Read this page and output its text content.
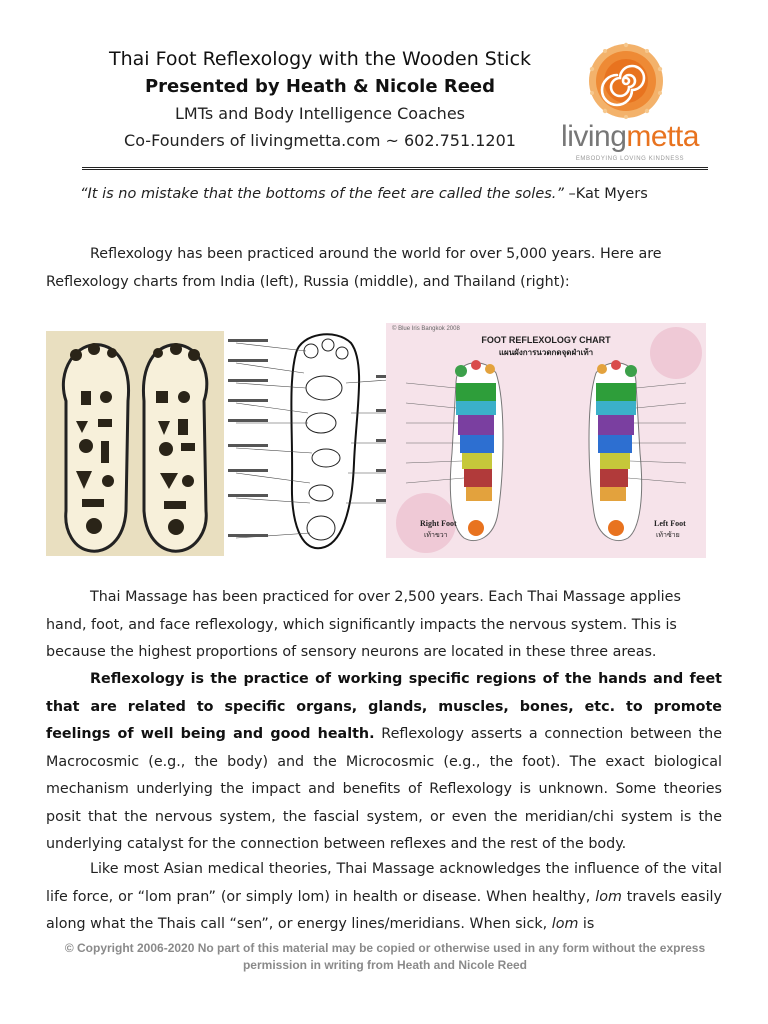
Thai Foot Reflexology with the Wooden Stick
Presented by Heath & Nicole Reed
LMTs and Body Intelligence Coaches
Co-Founders of livingmetta.com ~ 602.751.1201	livingmetta
EMBODYING LOVING KINDNESS
“It is no mistake that the bottoms of the feet are called the soles.” –Kat Myers
Reflexology has been practiced around the world for over 5,000 years. Here are Reflexology charts from India (left), Russia (middle), and Thailand (right):
© Blue Iris Bangkok 2008
FOOT REFLEXOLOGY CHART
แผนผังการนวดกดจุดฝ่าเท้า
Right Foot
เท้าขวา
Left Foot
เท้าซ้าย
Thai Massage has been practiced for over 2,500 years. Each Thai Massage applies hand, foot, and face reflexology, which significantly impacts the nervous system. This is because the highest proportions of sensory neurons are located in these three areas.
Reflexology is the practice of working specific regions of the hands and feet that are related to specific organs, glands, muscles, bones, etc. to promote feelings of well being and good health. Reflexology asserts a connection between the Macrocosmic (e.g., the body) and the Microcosmic (e.g., the foot). The exact biological mechanism underlying the impact and benefits of Reflexology is unknown. Some theories posit that the nervous system, the fascial system, or even the meridian/chi system is the underlying catalyst for the connection between reflexes and the rest of the body.
Like most Asian medical theories, Thai Massage acknowledges the influence of the vital life force, or “lom pran” (or simply lom) in health or disease. When healthy, lom travels easily along what the Thais call “sen”, or energy lines/meridians. When sick, lom is
© Copyright 2006-2020 No part of this material may be copied or otherwise used in any form without the express
permission in writing from Heath and Nicole Reed
